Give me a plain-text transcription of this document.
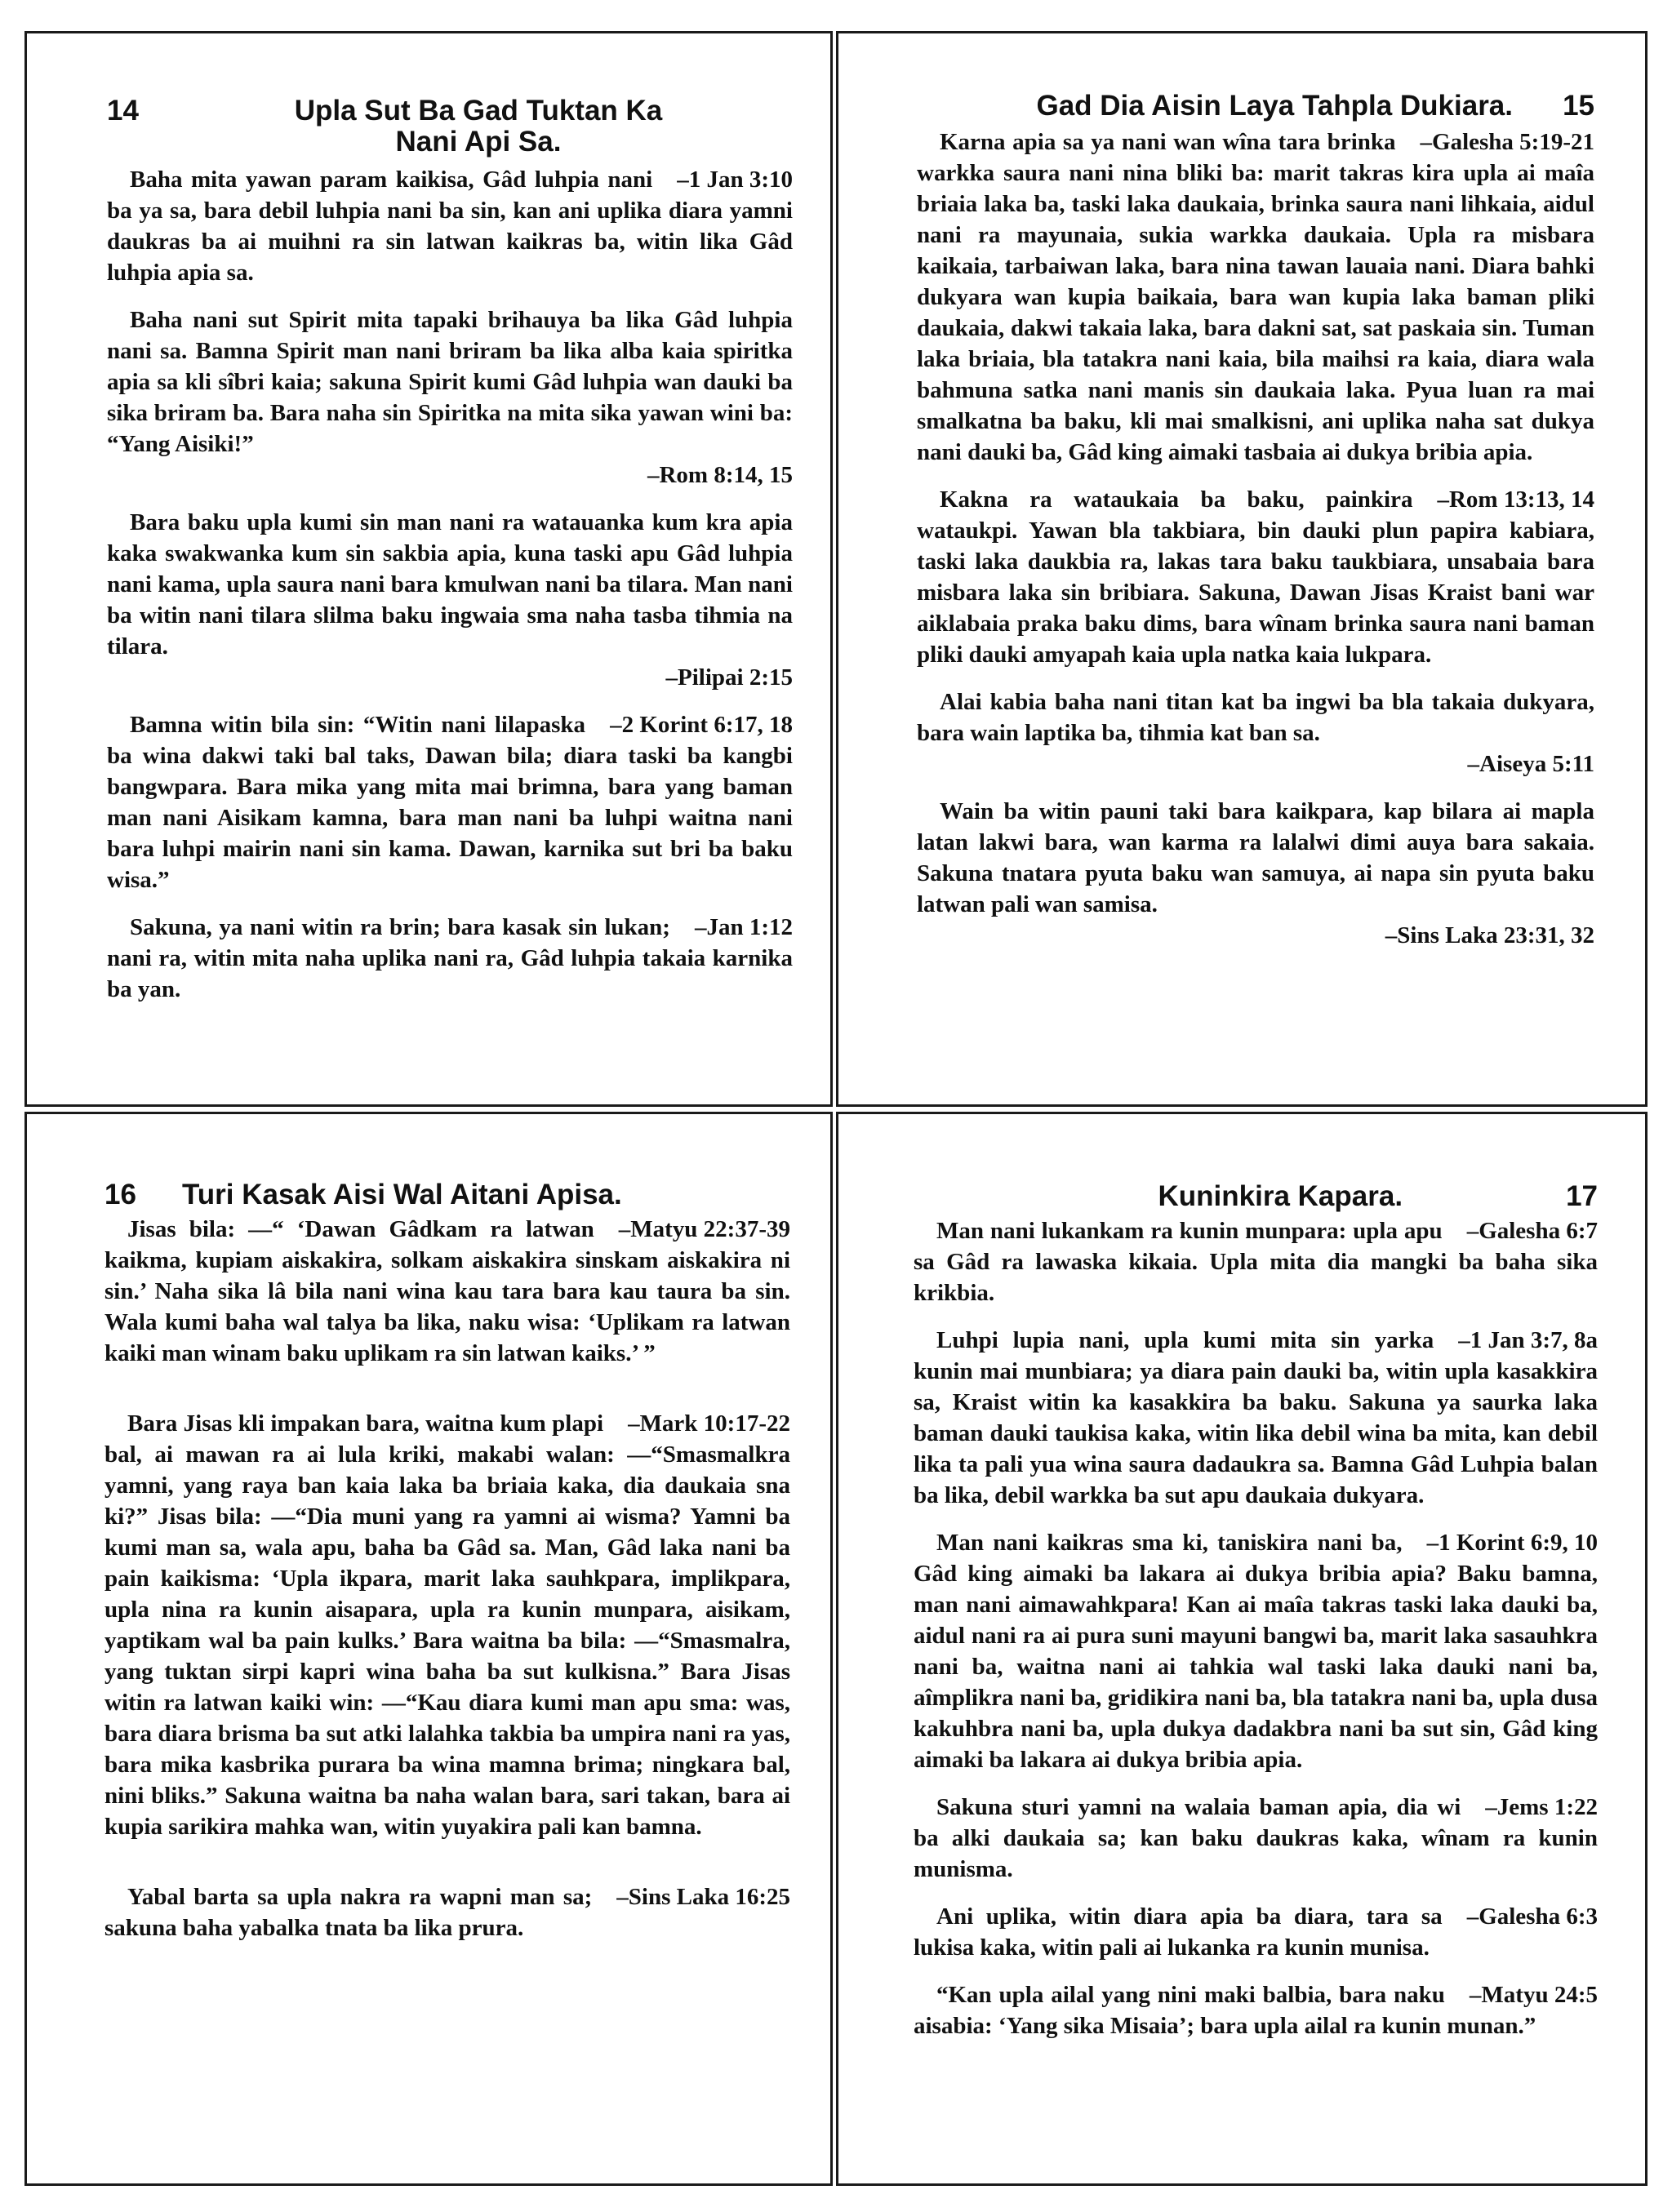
14	Upla Sut Ba Gad Tuktan Ka
Nani Api Sa.

–1 Jan 3:10
Baha mita yawan param kaikisa, Gâd luhpia nani ba ya sa, bara debil luhpia nani ba sin, kan ani uplika diara yamni daukras ba ai muihni ra sin latwan kaikras ba, witin lika Gâd luhpia apia sa.

Baha nani sut Spirit mita tapaki brihauya ba lika Gâd luhpia nani sa. Bamna Spirit man nani briram ba lika alba kaia spiritka apia sa kli sîbri kaia; sakuna Spirit kumi Gâd luhpia wan dauki ba sika briram ba. Bara naha sin Spiritka na mita sika yawan wini ba: “Yang Aisiki!”
–Rom 8:14, 15

Bara baku upla kumi sin man nani ra watauanka kum kra apia kaka swakwanka kum sin sakbia apia, kuna taski apu Gâd luhpia nani kama, upla saura nani bara kmulwan nani ba tilara. Man nani ba witin nani tilara slilma baku ingwaia sma naha tasba tihmia na tilara.
–Pilipai 2:15

–2 Korint 6:17, 18
Bamna witin bila sin: “Witin nani lilapaska ba wina dakwi taki bal taks, Dawan bila; diara taski ba kangbi bangwpara. Bara mika yang mita mai brimna, bara yang baman man nani Aisikam kamna, bara man nani ba luhpi waitna nani bara luhpi mairin nani sin kama. Dawan, karnika sut bri ba baku wisa.”

–Jan 1:12
Sakuna, ya nani witin ra brin; bara kasak sin lukan; nani ra, witin mita naha uplika nani ra, Gâd luhpia takaia karnika ba yan.

Gad Dia Aisin Laya Tahpla Dukiara.	15

–Galesha 5:19-21
Karna apia sa ya nani wan wîna tara brinka warkka saura nani nina bliki ba: marit takras kira upla ai maîa briaia laka ba, taski laka daukaia, brinka saura nani lihkaia, aidul nani ra mayunaia, sukia warkka daukaia. Upla ra misbara kaikaia, tarbaiwan laka, bara nina tawan lauaia nani. Diara bahki dukyara wan kupia baikaia, bara wan kupia laka baman pliki daukaia, dakwi takaia laka, bara dakni sat, sat paskaia sin. Tuman laka briaia, bla tatakra nani kaia, bila maihsi ra kaia, diara wala bahmuna satka nani manis sin daukaia laka. Pyua luan ra mai smalkatna ba baku, kli mai smalkisni, ani uplika naha sat dukya nani dauki ba, Gâd king aimaki tasbaia ai dukya bribia apia.

–Rom 13:13, 14
Kakna ra wataukaia ba baku, painkira wataukpi. Yawan bla takbiara, bin dauki plun papira kabiara, taski laka daukbia ra, lakas tara baku taukbiara, unsabaia bara misbara laka sin bribiara. Sakuna, Dawan Jisas Kraist bani war aiklabaia praka baku dims, bara wînam brinka saura nani baman pliki dauki amyapah kaia upla natka kaia lukpara.

Alai kabia baha nani titan kat ba ingwi ba bla takaia dukyara, bara wain laptika ba, tihmia kat ban sa.
–Aiseya 5:11

Wain ba witin pauni taki bara kaikpara, kap bilara ai mapla latan lakwi bara, wan karma ra lalalwi dimi auya bara sakaia. Sakuna tnatara pyuta baku wan samuya, ai napa sin pyuta baku latwan pali wan samisa.
–Sins Laka 23:31, 32

16	Turi Kasak Aisi Wal Aitani Apisa.

–Matyu 22:37-39
Jisas bila: —“ ‘Dawan Gâdkam ra latwan kaikma, kupiam aiskakira, solkam aiskakira sinskam aiskakira ni sin.’ Naha sika lâ bila nani wina kau tara bara kau taura ba sin. Wala kumi baha wal talya ba lika, naku wisa: ‘Uplikam ra latwan kaiki man winam baku uplikam ra sin latwan kaiks.’ ”

–Mark 10:17-22
Bara Jisas kli impakan bara, waitna kum plapi bal, ai mawan ra ai lula kriki, makabi walan: —“Smasmalkra yamni, yang raya ban kaia laka ba briaia kaka, dia daukaia sna ki?” Jisas bila: —“Dia muni yang ra yamni ai wisma? Yamni ba kumi man sa, wala apu, baha ba Gâd sa. Man, Gâd laka nani ba pain kaikisma: ‘Upla ikpara, marit laka sauhkpara, implikpara, upla nina ra kunin aisapara, upla ra kunin munpara, aisikam, yaptikam wal ba pain kulks.’ Bara waitna ba bila: —“Smasmalra, yang tuktan sirpi kapri wina baha ba sut kulkisna.” Bara Jisas witin ra latwan kaiki win: —“Kau diara kumi man apu sma: was, bara diara brisma ba sut atki lalahka takbia ba umpira nani ra yas, bara mika kasbrika purara ba wina mamna brima; ningkara bal, nini bliks.” Sakuna waitna ba naha walan bara, sari takan, bara ai kupia sarikira mahka wan, witin yuyakira pali kan bamna.

–Sins Laka 16:25
Yabal barta sa upla nakra ra wapni man sa; sakuna baha yabalka tnata ba lika prura.

Kuninkira Kapara.	17

–Galesha 6:7
Man nani lukankam ra kunin munpara: upla apu sa Gâd ra lawaska kikaia. Upla mita dia mangki ba baha sika krikbia.

–1 Jan 3:7, 8a
Luhpi lupia nani, upla kumi mita sin yarka kunin mai munbiara; ya diara pain dauki ba, witin upla kasakkira sa, Kraist witin ka kasakkira ba baku. Sakuna ya saurka laka baman dauki taukisa kaka, witin lika debil wina ba mita, kan debil lika ta pali yua wina saura dadaukra sa. Bamna Gâd Luhpia balan ba lika, debil warkka ba sut apu daukaia dukyara.

–1 Korint 6:9, 10
Man nani kaikras sma ki, taniskira nani ba, Gâd king aimaki ba lakara ai dukya bribia apia? Baku bamna, man nani aimawahkpara! Kan ai maîa takras taski laka dauki ba, aidul nani ra ai pura suni mayuni bangwi ba, marit laka sasauhkra nani ba, waitna nani ai tahkia wal taski laka dauki nani ba, aîmplikra nani ba, gridikira nani ba, bla tatakra nani ba, upla dusa kakuhbra nani ba, upla dukya dadakbra nani ba sut sin, Gâd king aimaki ba lakara ai dukya bribia apia.

–Jems 1:22
Sakuna sturi yamni na walaia baman apia, dia wi ba alki daukaia sa; kan baku daukras kaka, wînam ra kunin munisma.

–Galesha 6:3
Ani uplika, witin diara apia ba diara, tara sa lukisa kaka, witin pali ai lukanka ra kunin munisa.

–Matyu 24:5
“Kan upla ailal yang nini maki balbia, bara naku aisabia: ‘Yang sika Misaia’; bara upla ailal ra kunin munan.”
